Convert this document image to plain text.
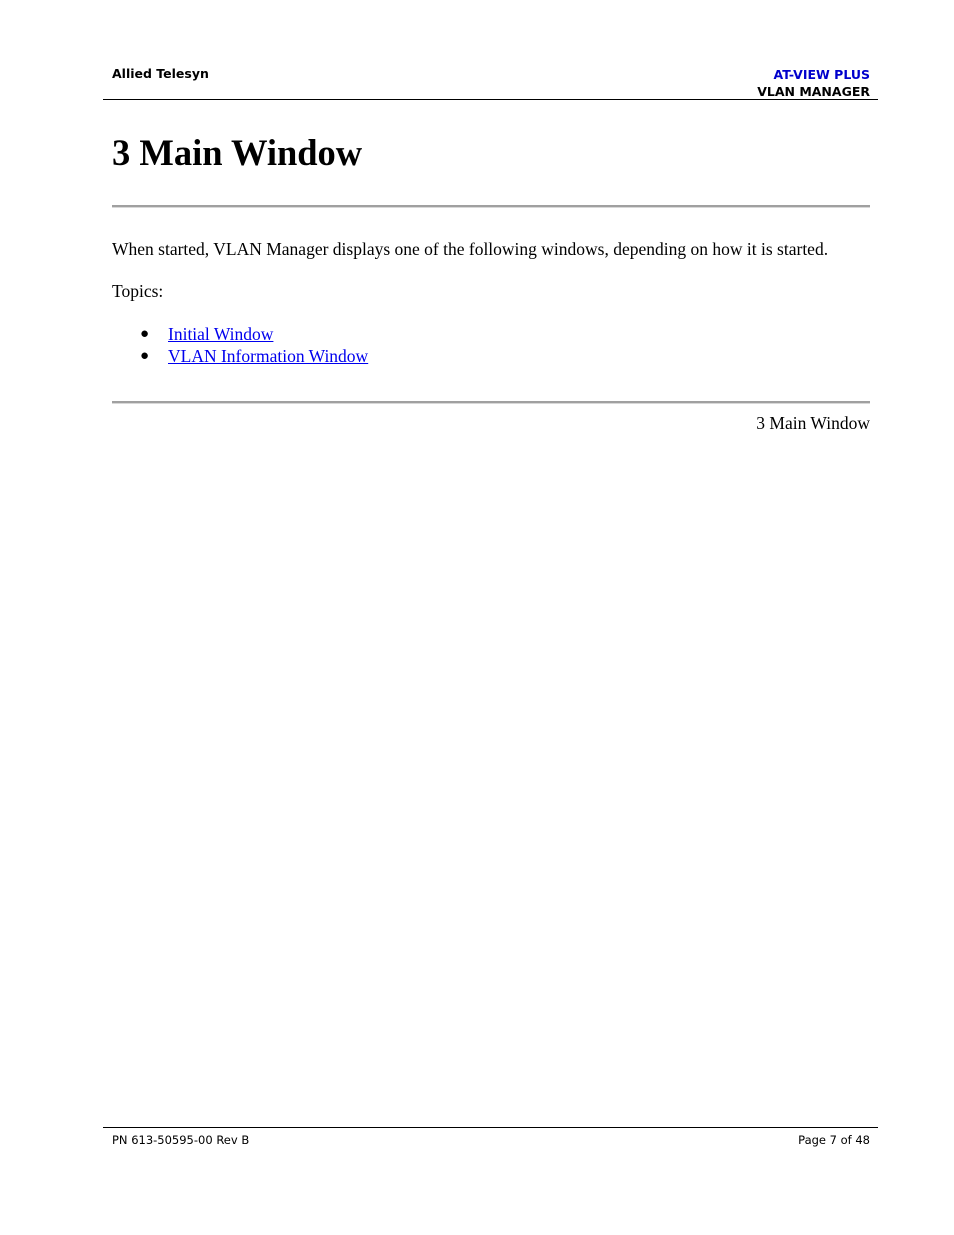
Allied Telesyn	AT-VIEW PLUS
VLAN MANAGER
3 Main Window

When started, VLAN Manager displays one of the following windows, depending on how it is started.

Topics:

● Initial Window
● VLAN Information Window
3 Main Window
PN 613-50595-00 Rev B	Page 7 of 48
